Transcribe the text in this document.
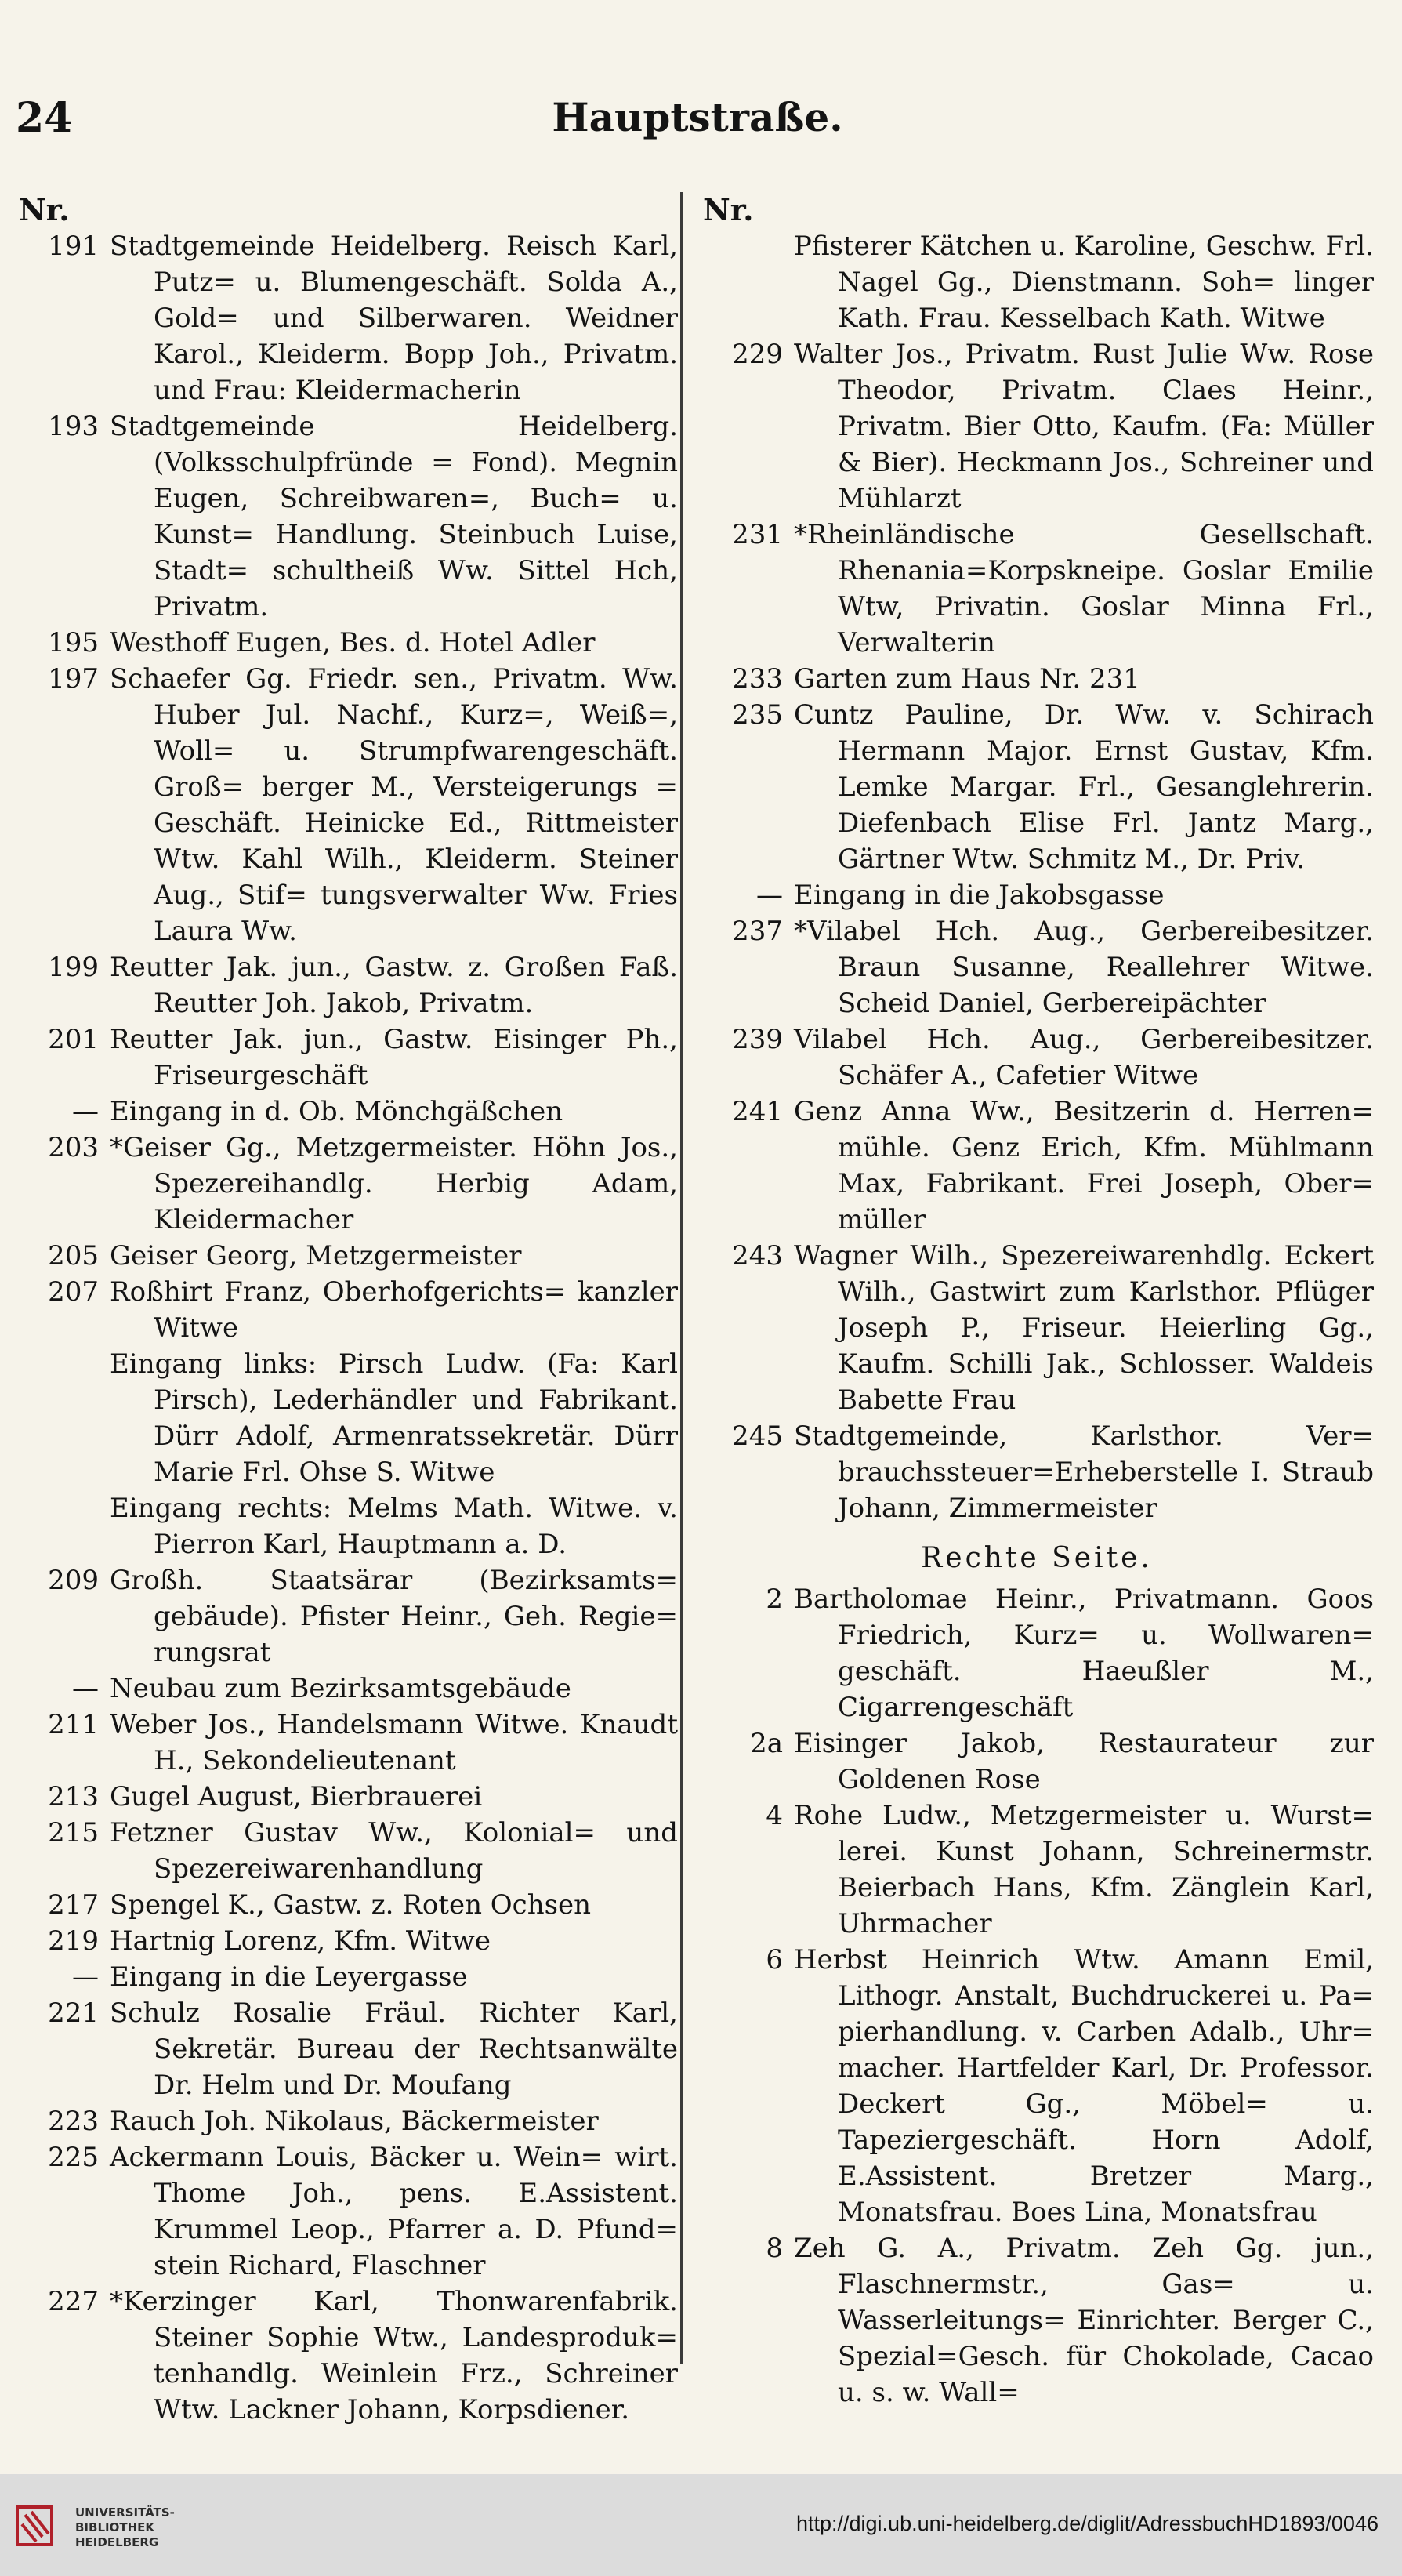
24	Hauptstraße.
Nr.
191 Stadtgemeinde Heidelberg. Reisch Karl, Putz= u. Blumengeschäft. Solda A., Gold= und Silberwaren. Weidner Karol., Kleiderm. Bopp Joh., Privatm. und Frau: Kleidermacherin
193 Stadtgemeinde Heidelberg. (Volksschulpfründe = Fond). Megnin Eugen, Schreibwaren=, Buch= u. Kunst= Handlung. Steinbuch Luise, Stadt= schultheiß Ww. Sittel Hch, Privatm.
195 Westhoff Eugen, Bes. d. Hotel Adler
197 Schaefer Gg. Friedr. sen., Privatm. Ww. Huber Jul. Nachf., Kurz=, Weiß=, Woll= u. Strumpfwarengeschäft. Groß= berger M., Versteigerungs = Geschäft. Heinicke Ed., Rittmeister Wtw. Kahl Wilh., Kleiderm. Steiner Aug., Stif= tungsverwalter Ww. Fries Laura Ww.
199 Reutter Jak. jun., Gastw. z. Großen Faß. Reutter Joh. Jakob, Privatm.
201 Reutter Jak. jun., Gastw. Eisinger Ph., Friseurgeschäft
— Eingang in d. Ob. Mönchgäßchen
203 *Geiser Gg., Metzgermeister. Höhn Jos., Spezereihandlg. Herbig Adam, Kleidermacher
205 Geiser Georg, Metzgermeister
207 Roßhirt Franz, Oberhofgerichts= kanzler Witwe
Eingang links: Pirsch Ludw. (Fa: Karl Pirsch), Lederhändler und Fabrikant. Dürr Adolf, Armenratssekretär. Dürr Marie Frl. Ohse S. Witwe
Eingang rechts: Melms Math. Witwe. v. Pierron Karl, Hauptmann a. D.
209 Großh. Staatsärar (Bezirksamts= gebäude). Pfister Heinr., Geh. Regie= rungsrat
— Neubau zum Bezirksamtsgebäude
211 Weber Jos., Handelsmann Witwe. Knaudt H., Sekondelieutenant
213 Gugel August, Bierbrauerei
215 Fetzner Gustav Ww., Kolonial= und Spezereiwarenhandlung
217 Spengel K., Gastw. z. Roten Ochsen
219 Hartnig Lorenz, Kfm. Witwe
— Eingang in die Leyergasse
221 Schulz Rosalie Fräul. Richter Karl, Sekretär. Bureau der Rechtsanwälte Dr. Helm und Dr. Moufang
223 Rauch Joh. Nikolaus, Bäckermeister
225 Ackermann Louis, Bäcker u. Wein= wirt. Thome Joh., pens. E.Assistent. Krummel Leop., Pfarrer a. D. Pfund= stein Richard, Flaschner
227 *Kerzinger Karl, Thonwarenfabrik. Steiner Sophie Wtw., Landesproduk= tenhandlg. Weinlein Frz., Schreiner Wtw. Lackner Johann, Korpsdiener.
Nr.
Pfisterer Kätchen u. Karoline, Geschw. Frl. Nagel Gg., Dienstmann. Soh= linger Kath. Frau. Kesselbach Kath. Witwe
229 Walter Jos., Privatm. Rust Julie Ww. Rose Theodor, Privatm. Claes Heinr., Privatm. Bier Otto, Kaufm. (Fa: Müller & Bier). Heckmann Jos., Schreiner und Mühlarzt
231 *Rheinländische Gesellschaft. Rhenania=Korpskneipe. Goslar Emilie Wtw, Privatin. Goslar Minna Frl., Verwalterin
233 Garten zum Haus Nr. 231
235 Cuntz Pauline, Dr. Ww. v. Schirach Hermann Major. Ernst Gustav, Kfm. Lemke Margar. Frl., Gesanglehrerin. Diefenbach Elise Frl. Jantz Marg., Gärtner Wtw. Schmitz M., Dr. Priv.
— Eingang in die Jakobsgasse
237 *Vilabel Hch. Aug., Gerbereibesitzer. Braun Susanne, Reallehrer Witwe. Scheid Daniel, Gerbereipächter
239 Vilabel Hch. Aug., Gerbereibesitzer. Schäfer A., Cafetier Witwe
241 Genz Anna Ww., Besitzerin d. Herren= mühle. Genz Erich, Kfm. Mühlmann Max, Fabrikant. Frei Joseph, Ober= müller
243 Wagner Wilh., Spezereiwarenhdlg. Eckert Wilh., Gastwirt zum Karlsthor. Pflüger Joseph P., Friseur. Heierling Gg., Kaufm. Schilli Jak., Schlosser. Waldeis Babette Frau
245 Stadtgemeinde, Karlsthor. Ver= brauchssteuer=Erheberstelle I. Straub Johann, Zimmermeister
Rechte Seite.
2 Bartholomae Heinr., Privatmann. Goos Friedrich, Kurz= u. Wollwaren= geschäft. Haeußler M., Cigarrengeschäft
2a Eisinger Jakob, Restaurateur zur Goldenen Rose
4 Rohe Ludw., Metzgermeister u. Wurst= lerei. Kunst Johann, Schreinermstr. Beierbach Hans, Kfm. Zänglein Karl, Uhrmacher
6 Herbst Heinrich Wtw. Amann Emil, Lithogr. Anstalt, Buchdruckerei u. Pa= pierhandlung. v. Carben Adalb., Uhr= macher. Hartfelder Karl, Dr. Professor. Deckert Gg., Möbel= u. Tapeziergeschäft. Horn Adolf, E.Assistent. Bretzer Marg., Monatsfrau. Boes Lina, Monatsfrau
8 Zeh G. A., Privatm. Zeh Gg. jun., Flaschnermstr., Gas= u. Wasserleitungs= Einrichter. Berger C., Spezial=Gesch. für Chokolade, Cacao u. s. w. Wall=
UNIVERSITÄTS-
BIBLIOTHEK
HEIDELBERG
http://digi.ub.uni-heidelberg.de/diglit/AdressbuchHD1893/0046
